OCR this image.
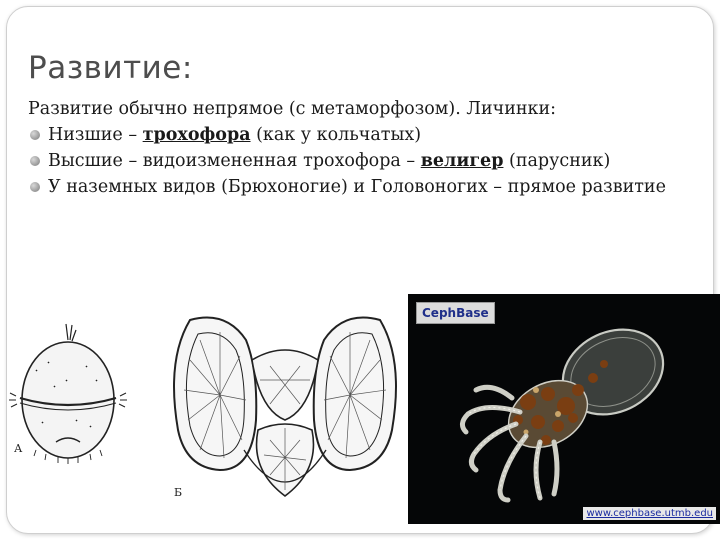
Развитие:

Развитие обычно непрямое (с метаморфозом). Личинки:

Низшие – трохофора (как у кольчатых)
Высшие – видоизмененная трохофора – велигер (парусник)
У наземных видов (Брюхоногие) и Головоногих – прямое развитие
А
Б
CephBase
www.cephbase.utmb.edu
